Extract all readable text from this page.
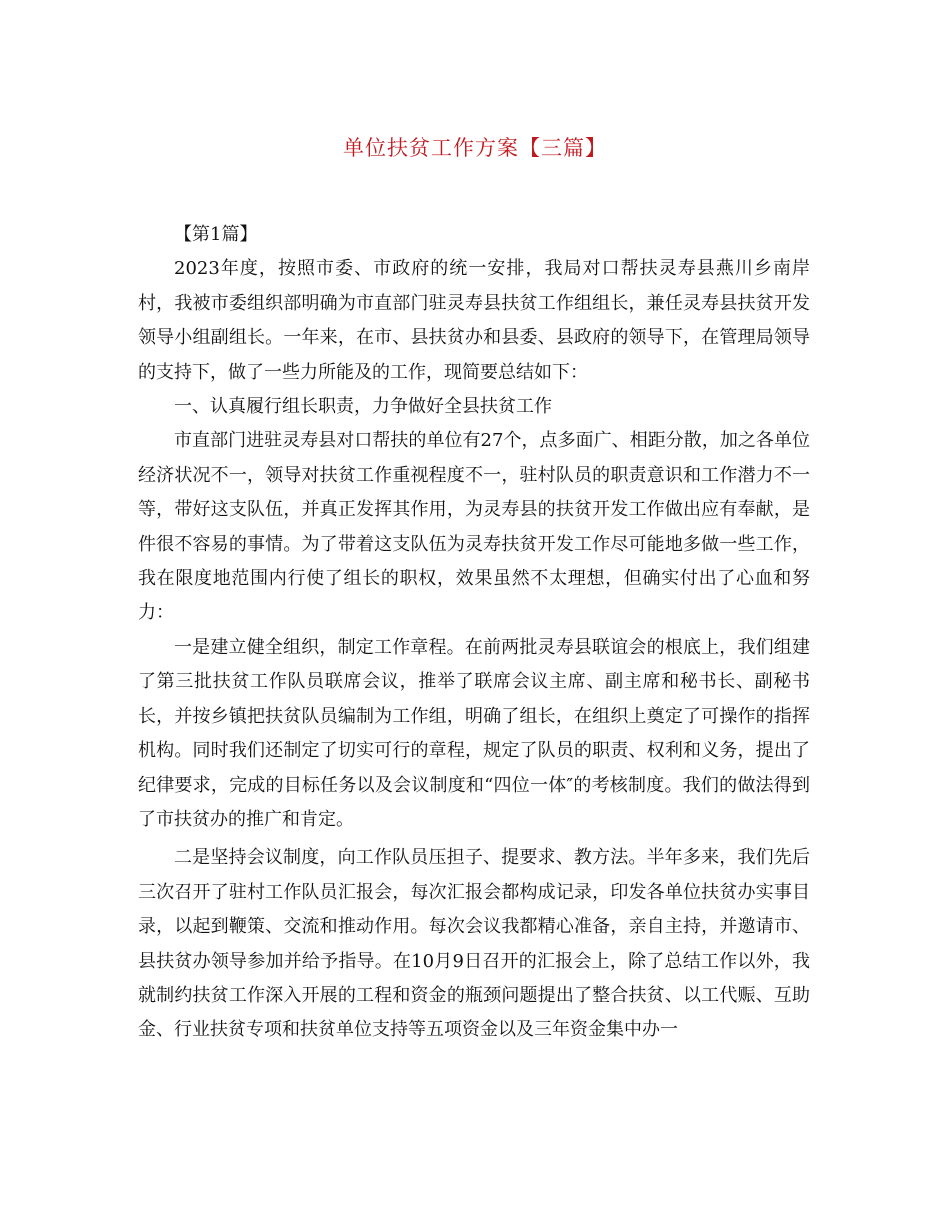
单位扶贫工作方案【三篇】

【第1篇】

2023年度，按照市委、市政府的统一安排，我局对口帮扶灵寿县燕川乡南岸村，我被市委组织部明确为市直部门驻灵寿县扶贫工作组组长，兼任灵寿县扶贫开发领导小组副组长。一年来，在市、县扶贫办和县委、县政府的领导下，在管理局领导的支持下，做了一些力所能及的工作，现简要总结如下：

一、认真履行组长职责，力争做好全县扶贫工作

市直部门进驻灵寿县对口帮扶的单位有27个，点多面广、相距分散，加之各单位经济状况不一，领导对扶贫工作重视程度不一，驻村队员的职责意识和工作潜力不一等，带好这支队伍，并真正发挥其作用，为灵寿县的扶贫开发工作做出应有奉献，是件很不容易的事情。为了带着这支队伍为灵寿扶贫开发工作尽可能地多做一些工作，我在限度地范围内行使了组长的职权，效果虽然不太理想，但确实付出了心血和努力：

一是建立健全组织，制定工作章程。在前两批灵寿县联谊会的根底上，我们组建了第三批扶贫工作队员联席会议，推举了联席会议主席、副主席和秘书长、副秘书长，并按乡镇把扶贫队员编制为工作组，明确了组长，在组织上奠定了可操作的指挥机构。同时我们还制定了切实可行的章程，规定了队员的职责、权利和义务，提出了纪律要求，完成的目标任务以及会议制度和“四位一体″的考核制度。我们的做法得到了市扶贫办的推广和肯定。

二是坚持会议制度，向工作队员压担子、提要求、教方法。半年多来，我们先后三次召开了驻村工作队员汇报会，每次汇报会都构成记录，印发各单位扶贫办实事目录，以起到鞭策、交流和推动作用。每次会议我都精心准备，亲自主持，并邀请市、县扶贫办领导参加并给予指导。在10月9日召开的汇报会上，除了总结工作以外，我就制约扶贫工作深入开展的工程和资金的瓶颈问题提出了整合扶贫、以工代赈、互助金、行业扶贫专项和扶贫单位支持等五项资金以及三年资金集中办一
